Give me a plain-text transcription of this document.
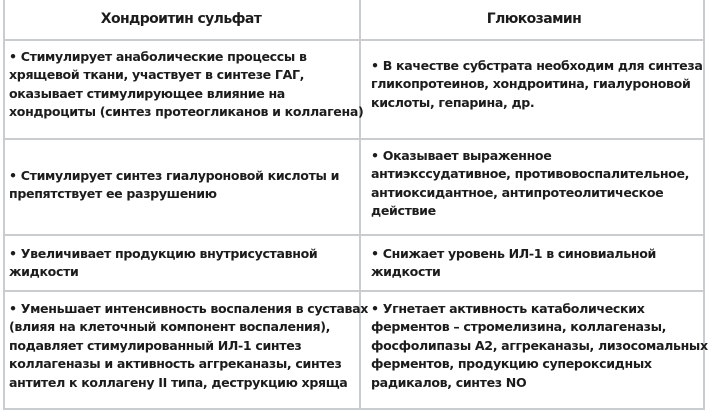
Хондроитин сульфат	Глюкозамин
• Стимулирует анаболические процессы в
хрящевой ткани, участвует в синтезе ГАГ,
оказывает стимулирующее влияние на
хондроциты (синтез протеогликанов и коллагена)
• В качестве субстрата необходим для синтеза
гликопротеинов, хондроитина, гиалуроновой
кислоты, гепарина, др.
• Стимулирует синтез гиалуроновой кислоты и
препятствует ее разрушению
• Оказывает выраженное
антиэкссудативное, противовоспалительное,
антиоксидантное, антипротеолитическое
действие
• Увеличивает продукцию внутрисуставной
жидкости
• Снижает уровень ИЛ-1 в синовиальной
жидкости
• Уменьшает интенсивность воспаления в суставах
(влияя на клеточный компонент воспаления),
подавляет стимулированный ИЛ-1 синтез
коллагеназы и активность аггреканазы, синтез
антител к коллагену II типа, деструкцию хряща
• Угнетает активность катаболических
ферментов – стромелизина, коллагеназы,
фосфолипазы А2, аггреканазы, лизосомальных
ферментов, продукцию супероксидных
радикалов, синтез NO
